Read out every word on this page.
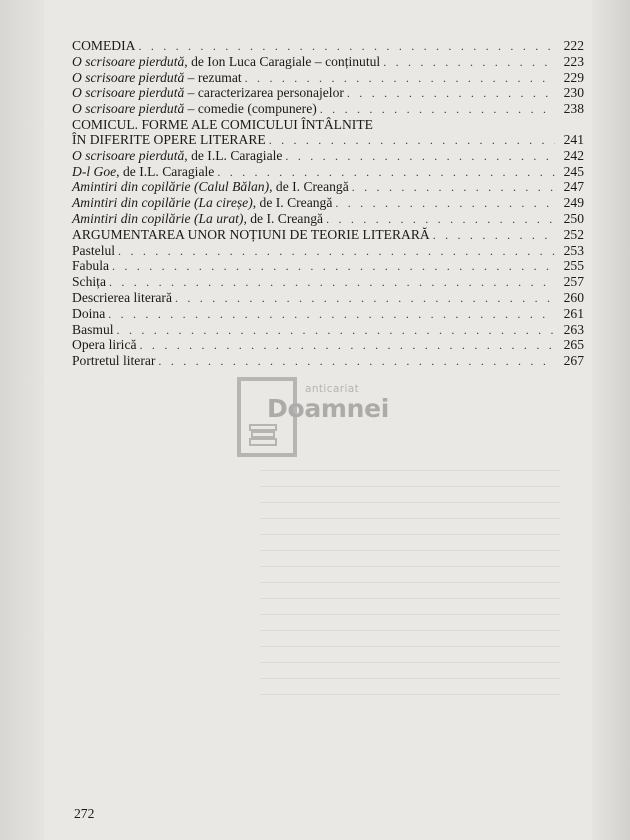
COMEDIA . . .	222
O scrisoare pierdută, de Ion Luca Caragiale – conținutul . . .	223
O scrisoare pierdută – rezumat . . .	229
O scrisoare pierdută – caracterizarea personajelor . . .	230
O scrisoare pierdută – comedie (compunere) . . .	238
COMICUL. FORME ALE COMICULUI ÎNTÂLNITE
ÎN DIFERITE OPERE LITERARE . . .	241
O scrisoare pierdută, de I.L. Caragiale . . .	242
D-l Goe, de I.L. Caragiale . . .	245
Amintiri din copilărie (Calul Bălan), de I. Creangă . . .	247
Amintiri din copilărie (La cireșe), de I. Creangă . . .	249
Amintiri din copilărie (La urat), de I. Creangă . . .	250
ARGUMENTAREA UNOR NOȚIUNI DE TEORIE LITERARĂ . . .	252
Pastelul . . .	253
Fabula . . .	255
Schița . . .	257
Descrierea literară . . .	260
Doina . . .	261
Basmul . . .	263
Opera lirică . . .	265
Portretul literar . . .	267
anticariat
Doamnei
272
